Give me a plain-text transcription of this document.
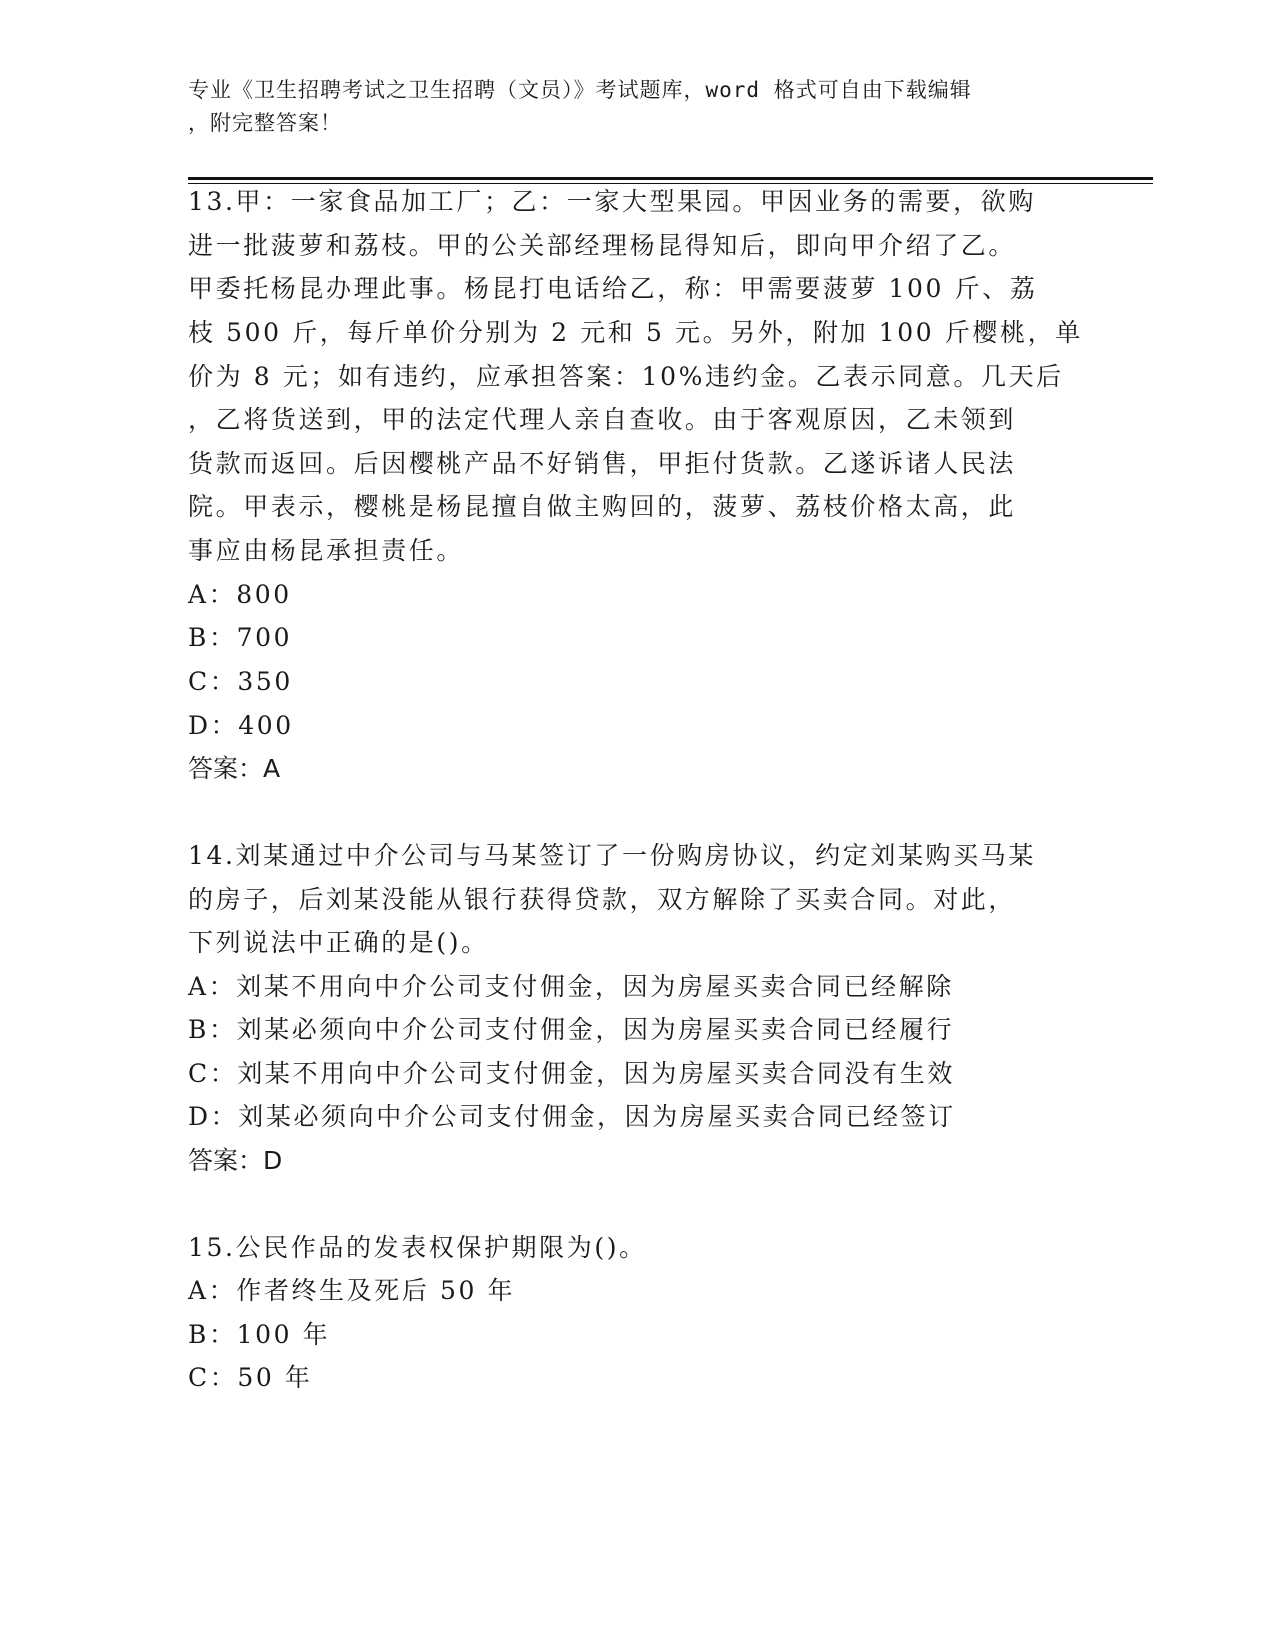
专业《卫生招聘考试之卫生招聘（文员）》考试题库，word 格式可自由下载编辑
，附完整答案！
13.甲：一家食品加工厂；乙：一家大型果园。甲因业务的需要，欲购
进一批菠萝和荔枝。甲的公关部经理杨昆得知后，即向甲介绍了乙。
甲委托杨昆办理此事。杨昆打电话给乙，称：甲需要菠萝 100 斤、荔
枝 500 斤，每斤单价分别为 2 元和 5 元。另外，附加 100 斤樱桃，单
价为 8 元；如有违约，应承担答案：10%违约金。乙表示同意。几天后
，乙将货送到，甲的法定代理人亲自查收。由于客观原因，乙未领到
货款而返回。后因樱桃产品不好销售，甲拒付货款。乙遂诉诸人民法
院。甲表示，樱桃是杨昆擅自做主购回的，菠萝、荔枝价格太高，此
事应由杨昆承担责任。
A：800
B：700
C：350
D：400
答案：A
14.刘某通过中介公司与马某签订了一份购房协议，约定刘某购买马某
的房子，后刘某没能从银行获得贷款，双方解除了买卖合同。对此，
下列说法中正确的是()。
A：刘某不用向中介公司支付佣金，因为房屋买卖合同已经解除
B：刘某必须向中介公司支付佣金，因为房屋买卖合同已经履行
C：刘某不用向中介公司支付佣金，因为房屋买卖合同没有生效
D：刘某必须向中介公司支付佣金，因为房屋买卖合同已经签订
答案：D
15.公民作品的发表权保护期限为()。
A：作者终生及死后 50 年
B：100 年
C：50 年
